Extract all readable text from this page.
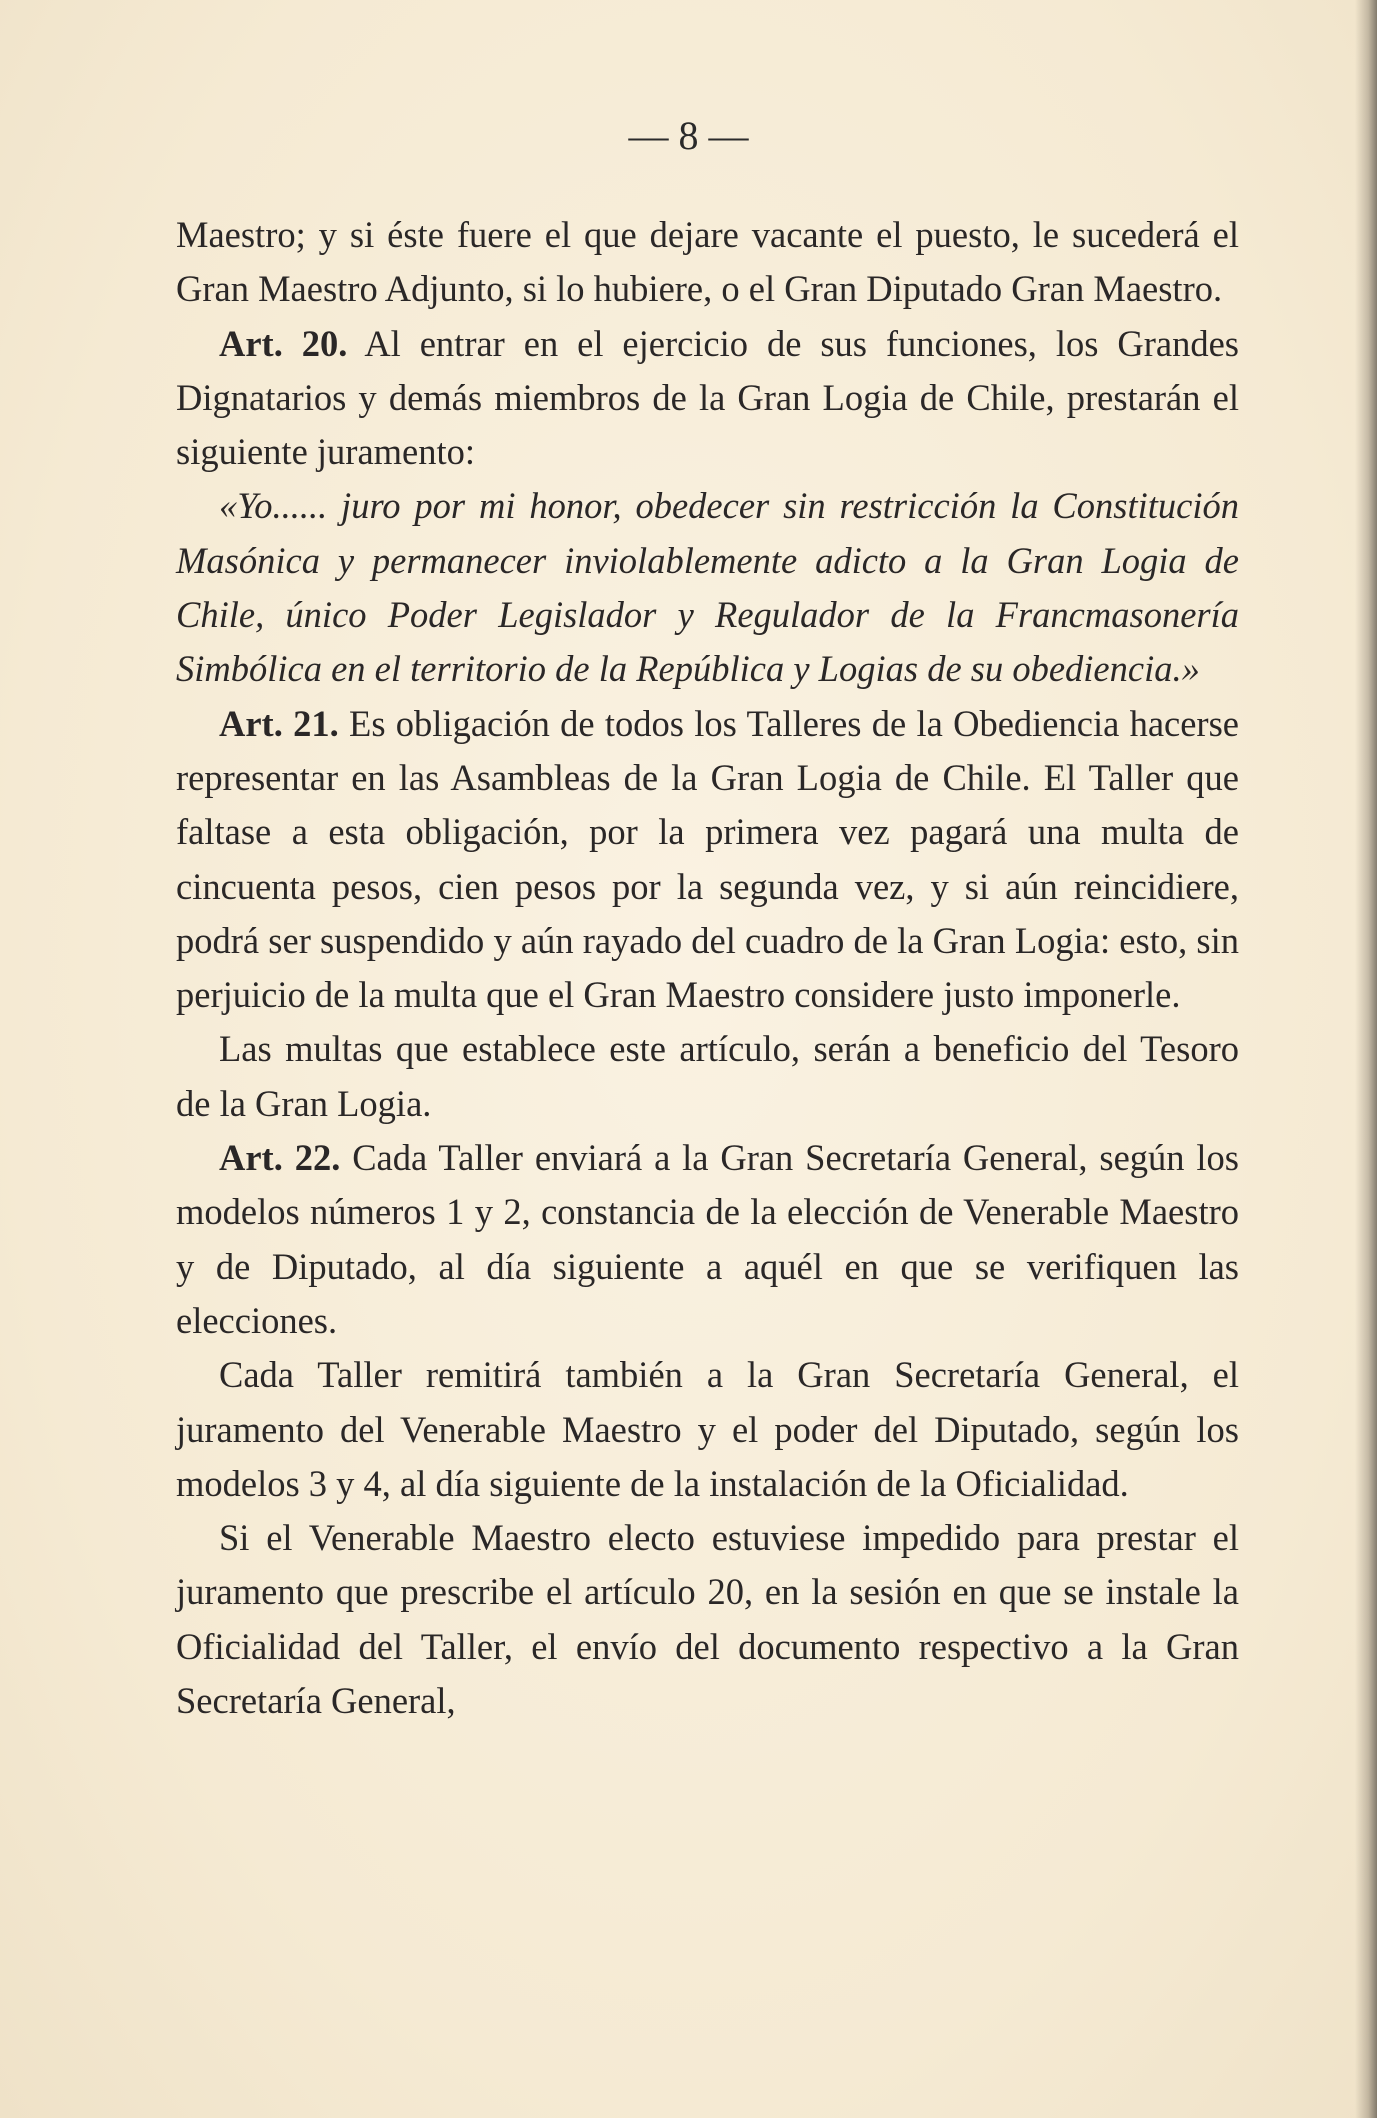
— 8 —

Maestro; y si éste fuere el que dejare vacante el puesto, le sucederá el Gran Maestro Adjunto, si lo hubiere, o el Gran Diputado Gran Maestro.

Art. 20. Al entrar en el ejercicio de sus funciones, los Grandes Dignatarios y demás miembros de la Gran Logia de Chile, prestarán el siguiente juramento:

«Yo...... juro por mi honor, obedecer sin restricción la Constitución Masónica y permanecer inviolablemente adicto a la Gran Logia de Chile, único Poder Legislador y Regulador de la Francmasonería Simbólica en el territorio de la República y Logias de su obediencia.»

Art. 21. Es obligación de todos los Talleres de la Obediencia hacerse representar en las Asambleas de la Gran Logia de Chile. El Taller que faltase a esta obligación, por la primera vez pagará una multa de cincuenta pesos, cien pesos por la segunda vez, y si aún reincidiere, podrá ser suspendido y aún rayado del cuadro de la Gran Logia: esto, sin perjuicio de la multa que el Gran Maestro considere justo imponerle.

Las multas que establece este artículo, serán a beneficio del Tesoro de la Gran Logia.

Art. 22. Cada Taller enviará a la Gran Secretaría General, según los modelos números 1 y 2, constancia de la elección de Venerable Maestro y de Diputado, al día siguiente a aquél en que se verifiquen las elecciones.

Cada Taller remitirá también a la Gran Secretaría General, el juramento del Venerable Maestro y el poder del Diputado, según los modelos 3 y 4, al día siguiente de la instalación de la Oficialidad.

Si el Venerable Maestro electo estuviese impedido para prestar el juramento que prescribe el artículo 20, en la sesión en que se instale la Oficialidad del Taller, el envío del documento respectivo a la Gran Secretaría General,
